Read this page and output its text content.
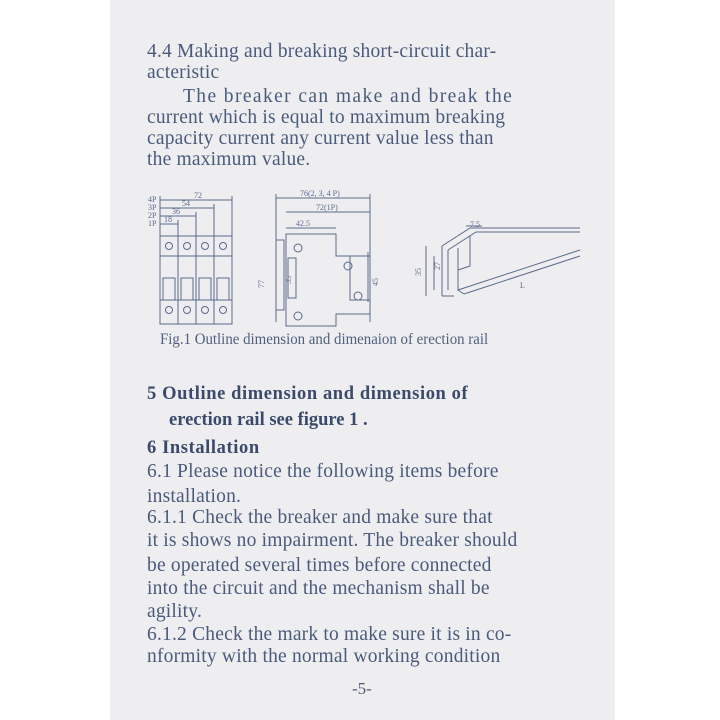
4.4 Making and breaking short-circuit char-
acteristic
The breaker can make and break the
current which is equal to maximum breaking
capacity current any current value less than
the maximum value.
72
54
36
18
4P
3P
2P
1P
76(2, 3, 4 P)
72(1P)
42.5
77 35	45
7.5
35
27
L
Fig.1 Outline dimension and dimenaion of erection rail
5 Outline dimension and dimension of
erection rail see figure 1 .
6 Installation
6.1 Please notice the following items before
installation.
6.1.1 Check the breaker and make sure that
it is shows no impairment. The breaker should
be operated several times before connected
into the circuit and the mechanism shall be
agility.
6.1.2 Check the mark to make sure it is in co-
nformity with the normal working condition
-5-
